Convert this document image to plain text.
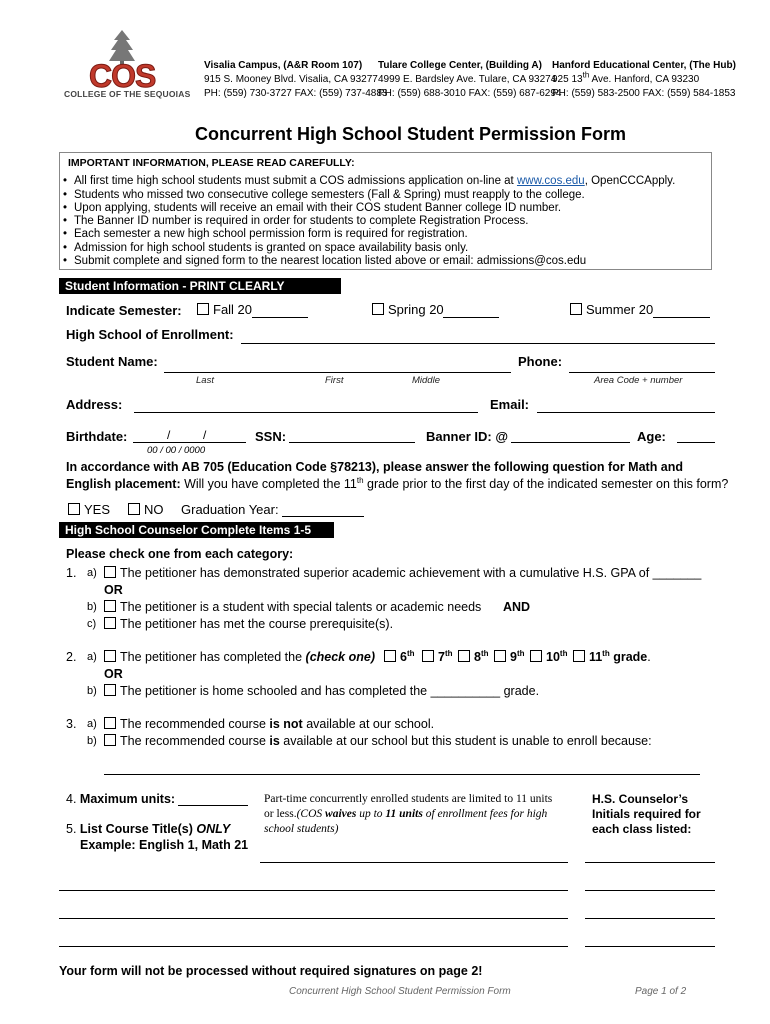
COS
COLLEGE OF THE SEQUOIAS
Visalia Campus, (A&R Room 107)
915 S. Mooney Blvd. Visalia, CA 93277
PH: (559) 730-3727 FAX: (559) 737-4883
Tulare College Center, (Building A)
4999 E. Bardsley Ave. Tulare, CA 93274
PH: (559) 688-3010 FAX: (559) 687-6294
Hanford Educational Center, (The Hub)
925 13th Ave. Hanford, CA 93230
PH: (559) 583-2500 FAX: (559) 584-1853
Concurrent High School Student Permission Form
IMPORTANT INFORMATION, PLEASE READ CAREFULLY:
• All first time high school students must submit a COS admissions application on-line at www.cos.edu, OpenCCCApply.
• Students who missed two consecutive college semesters (Fall & Spring) must reapply to the college.
• Upon applying, students will receive an email with their COS student Banner college ID number.
• The Banner ID number is required in order for students to complete Registration Process.
• Each semester a new high school permission form is required for registration.
• Admission for high school students is granted on space availability basis only.
• Submit complete and signed form to the nearest location listed above or email: admissions@cos.edu
Student Information - PRINT CLEARLY
Indicate Semester:	Fall 20	Spring 20	Summer 20
High School of Enrollment:
Student Name:	Phone:
Last	First	Middle	Area Code + number
Address:	Email:
Birthdate:	/	/
00 / 00 / 0000
SSN:	Banner ID: @	Age:
In accordance with AB 705 (Education Code §78213), please answer the following question for Math and
English placement: Will you have completed the 11th grade prior to the first day of the indicated semester on this form?
YES	NO Graduation Year:
High School Counselor Complete Items 1-5
Please check one from each category:
1. a)	The petitioner has demonstrated superior academic achievement with a cumulative H.S. GPA of _______
OR
b)	The petitioner is a student with special talents or academic needs AND
c)	The petitioner has met the course prerequisite(s).
2. a)	The petitioner has completed the (check one)	6th 7th 8th 9th 10th 11th grade.
OR
b)	The petitioner is home schooled and has completed the __________ grade.
3. a)	The recommended course is not available at our school.
b)	The recommended course is available at our school but this student is unable to enroll because:
4. Maximum units:	Part-time concurrently enrolled students are limited to 11 units or less.(COS waives up to 11 units of enrollment fees for high school students)
H.S. Counselor’s
Initials required for
each class listed:
5. List Course Title(s) ONLY
Example: English 1, Math 21
Your form will not be processed without required signatures on page 2!
Concurrent High School Student Permission Form	Page 1 of 2
